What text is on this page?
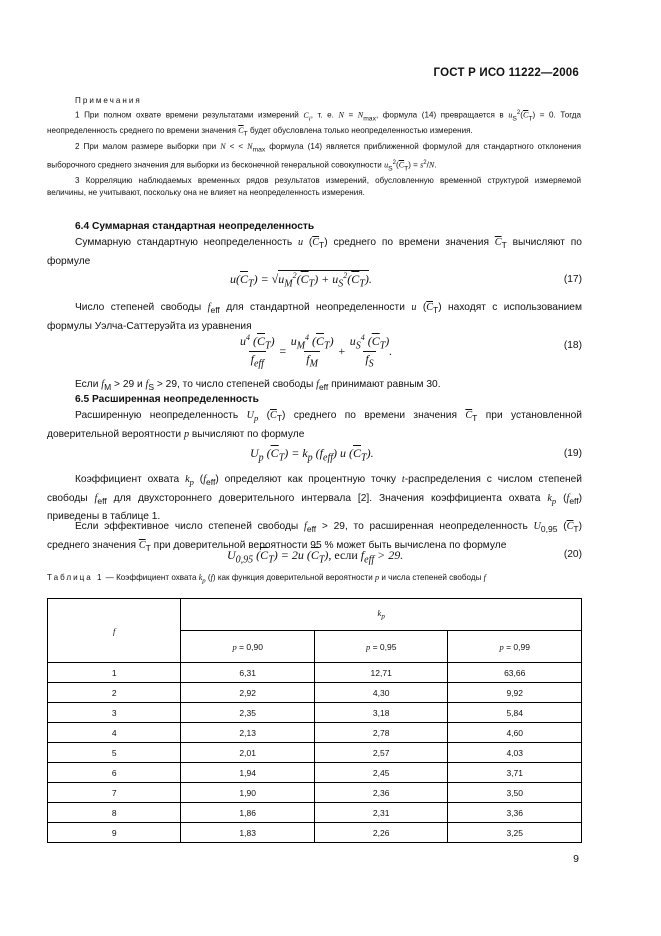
ГОСТ Р ИСО 11222—2006
Примечания
1 При полном охвате времени результатами измерений $C_i$, т. е. $N = N_{max}$, формула (14) превращается в $u_S^2(\overline{C}_T) = 0$. Тогда неопределенность среднего по времени значения $\overline{C}_T$ будет обусловлена только неопределенностью измерения.
2 При малом размере выборки при N < < $N_{max}$ формула (14) является приближенной формулой для стандартного отклонения выборочного среднего значения для выборки из бесконечной генеральной совокупности $u_S^2(\overline{C}_T) = s^2/N$.
3 Корреляцию наблюдаемых временных рядов результатов измерений, обусловленную временной структурой измеряемой величины, не учитывают, поскольку она не влияет на неопределенность измерения.
6.4 Суммарная стандартная неопределенность
Суммарную стандартную неопределенность u $(\overline{C}_T)$ среднего по времени значения $\overline{C}_T$ вычисляют по формуле
$u(\overline{C}_T) = √u_M^2(\overline{C}_T) + u_S^2(\overline{C}_T)$.	(17)
Число степеней свободы $f_{eff}$ для стандартной неопределенности u $(\overline{C}_T)$ находят с использованием формулы Уэлча-Саттеруэйта из уравнения
$u^4$ $(\overline{C}_T)$
$f_{eff}$
= $\frac{u_M^4 (\overline{C}_T)}{f_M} + \frac{u_S^4 (\overline{C}_T)}{f_S}$ .	(18)
Если $f_M > 29$ и $f_S > 29$, то число степеней свободы $f_{eff}$ принимают равным 30.
6.5 Расширенная неопределенность
Расширенную неопределенность $U_p$ $(\overline{C}_T)$ среднего по времени значения $\overline{C}_T$ при установленной доверительной вероятности p вычисляют по формуле
$U_p$ $(\overline{C}_T) = k_p$ $(f_{eff})$ u $(\overline{C}_T)$.	(19)
Коэффициент охвата $k_p$ $(f_{eff})$ определяют как процентную точку t-распределения с числом степеней свободы $f_{eff}$ для двухстороннего доверительного интервала [2]. Значения коэффициента охвата $k_p$ $(f_{eff})$ приведены в таблице 1.
Если эффективное число степеней свободы $f_{eff} > 29$, то расширенная неопределенность $U_{0,95}$ $(\overline{C}_T)$ среднего значения $\overline{C}_T$ при доверительной вероятности 95 % может быть вычислена по формуле
$U_{0,95}$ $(\overline{C}_T) = 2u$ $(\overline{C}_T)$, если $f_{eff} > 29$.	(20)
Таблица 1 — Коэффициент охвата $k_p$ (f) как функция доверительной вероятности p и числа степеней свободы f
f	$k_p$
	p = 0,90	p = 0,95	p = 0,99
1	6,31	12,71	63,66
2	2,92	4,30	9,92
3	2,35	3,18	5,84
4	2,13	2,78	4,60
5	2,01	2,57	4,03
6	1,94	2,45	3,71
7	1,90	2,36	3,50
8	1,86	2,31	3,36
9	1,83	2,26	3,25
9
